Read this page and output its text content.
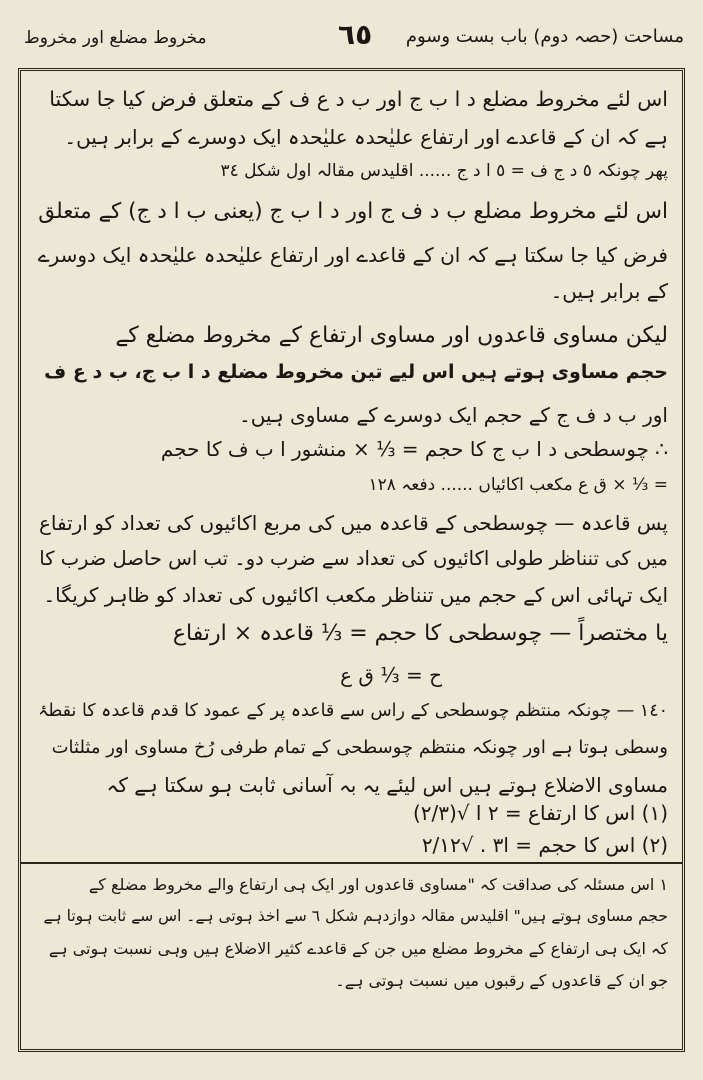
مخروط مضلع اور مخروط	٦٥ مساحت (حصہ دوم) باب بست وسوم
اس لئے مخروط مضلع د ا ب ج اور ب د ع ف کے متعلق فرض کیا جا سکتا
ہے کہ ان کے قاعدے اور ارتفاع علیٰحدہ علیٰحدہ ایک دوسرے کے برابر ہیں۔
پھر چونکہ ٥ د ج ف = ٥ ا د ج ...... اقلیدس مقالہ اول شکل ٣٤
اس لئے مخروط مضلع ب د ف ج اور د ا ب ج (یعنی ب ا د ج) کے متعلق
فرض کیا جا سکتا ہے کہ ان کے قاعدے اور ارتفاع علیٰحدہ علیٰحدہ ایک دوسرے
کے برابر ہیں۔
لیکن مساوی قاعدوں اور مساوی ارتفاع کے مخروط مضلع کے
حجم مساوی ہوتے ہیں اس لیے تین مخروط مضلع د ا ب ج، ب د ع ف
اور ب د ف ج کے حجم ایک دوسرے کے مساوی ہیں۔
∴ چوسطحی د ا ب ج کا حجم = ⅓ × منشور ا ب ف کا حجم
= ⅓ × ق ع مکعب اکائیاں ...... دفعہ ١٢٨
پس قاعدہ — چوسطحی کے قاعدہ میں کی مربع اکائیوں کی تعداد کو ارتفاع
میں کی تنناظر طولی اکائیوں کی تعداد سے ضرب دو۔ تب اس حاصل ضرب کا
ایک تہائی اس کے حجم میں تنناظر مکعب اکائیوں کی تعداد کو ظاہر کریگا۔
یا مختصراً — چوسطحی کا حجم = ⅓ قاعدہ × ارتفاع
ح = ⅓ ق ع
١٤٠ — چونکہ منتظم چوسطحی کے راس سے قاعدہ پر کے عمود کا قدم قاعدہ کا نقطۂ
وسطی ہوتا ہے اور چونکہ منتظم چوسطحی کے تمام طرفی رُخ مساوی اور مثلثات
مساوی الاضلاع ہوتے ہیں اس لیئے یہ بہ آسانی ثابت ہو سکتا ہے کہ
(١) اس کا ارتفاع = ٢ ا √(٢/٣)
(٢) اس کا حجم = ا٣ . √٢/١٢
١ اس مسئلہ کی صداقت کہ "مساوی قاعدوں اور ایک ہی ارتفاع والے مخروط مضلع کے
حجم مساوی ہوتے ہیں" اقلیدس مقالہ دوازدہم شکل ٦ سے اخذ ہوتی ہے۔ اس سے ثابت ہوتا ہے
کہ ایک ہی ارتفاع کے مخروط مضلع میں جن کے قاعدے کثیر الاضلاع ہیں وہی نسبت ہوتی ہے
جو ان کے قاعدوں کے رقبوں میں نسبت ہوتی ہے۔
